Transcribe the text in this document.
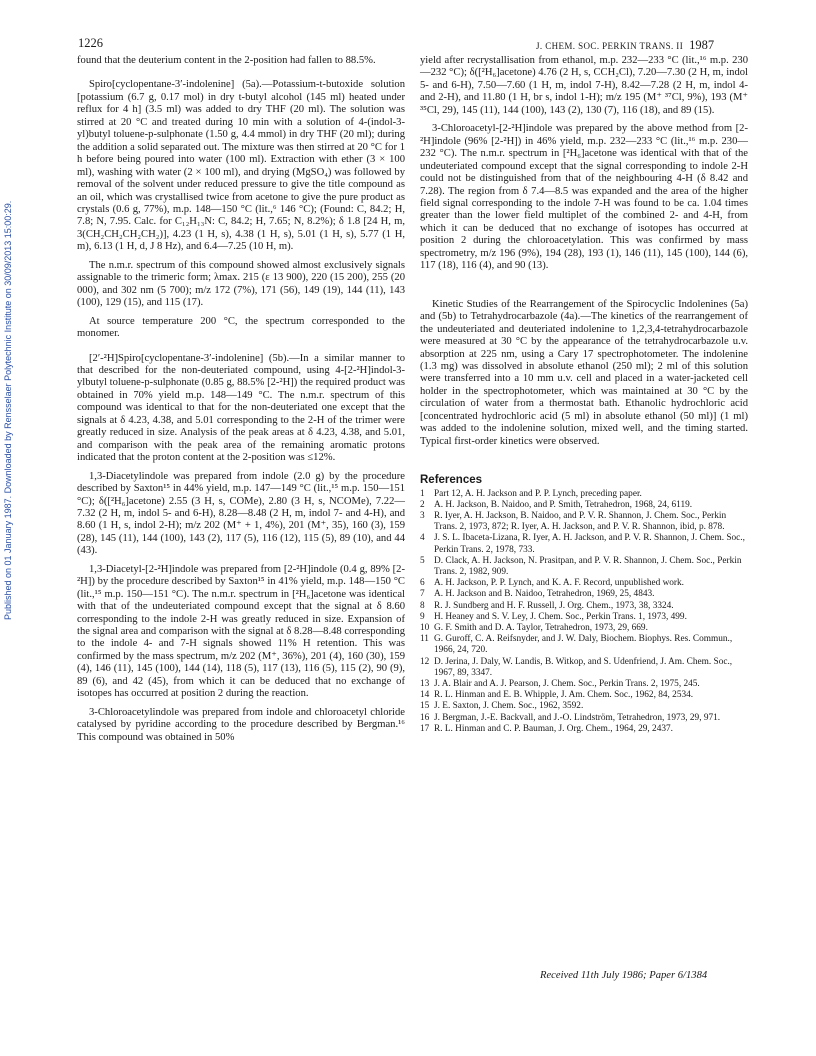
1226	J. CHEM. SOC. PERKIN TRANS. II 1987
Published on 01 January 1987. Downloaded by Rensselaer Polytechnic Institute on 30/09/2013 15:00:29.

found that the deuterium content in the 2-position had fallen to 88.5%.

Spiro[cyclopentane-3′-indolenine] (5a).—Potassium-t-butoxide solution [potassium (6.7 g, 0.17 mol) in dry t-butyl alcohol (145 ml) heated under reflux for 4 h] (3.5 ml) was added to dry THF (20 ml). The solution was stirred at 20 °C and treated during 10 min with a solution of 4-(indol-3-yl)butyl toluene-p-sulphonate (1.50 g, 4.4 mmol) in dry THF (20 ml); during the addition a solid separated out. The mixture was then stirred at 20 °C for 1 h before being poured into water (100 ml). Extraction with ether (3 × 100 ml), washing with water (2 × 100 ml), and drying (MgSO₄) was followed by removal of the solvent under reduced pressure to give the title compound as an oil, which was crystallised twice from acetone to give the pure product as crystals (0.6 g, 77%), m.p. 148—150 °C (lit.,⁶ 146 °C); (Found: C, 84.2; H, 7.8; N, 7.95. Calc. for C₁₂H₁₃N: C, 84.2; H, 7.65; N, 8.2%); δ 1.8 [24 H, m, 3(CH₂CH₂CH₂CH₂)], 4.23 (1 H, s), 4.38 (1 H, s), 5.01 (1 H, s), 5.77 (1 H, m), 6.13 (1 H, d, J 8 Hz), and 6.4—7.25 (10 H, m).

The n.m.r. spectrum of this compound showed almost exclusively signals assignable to the trimeric form; λmax. 215 (ε 13 900), 220 (15 200), 255 (20 000), and 302 nm (5 700); m/z 172 (7%), 171 (56), 149 (19), 144 (11), 143 (100), 129 (15), and 115 (17).

At source temperature 200 °C, the spectrum corresponded to the monomer.

[2′-²H]Spiro[cyclopentane-3′-indolenine] (5b).—In a similar manner to that described for the non-deuteriated compound, using 4-[2-²H]indol-3-ylbutyl toluene-p-sulphonate (0.85 g, 88.5% [2-²H]) the required product was obtained in 70% yield m.p. 148—149 °C. The n.m.r. spectrum of this compound was identical to that for the non-deuteriated one except that the signals at δ 4.23, 4.38, and 5.01 corresponding to the 2-H of the trimer were greatly reduced in size. Analysis of the peak areas at δ 4.23, 4.38, and 5.01, and comparison with the peak area of the remaining aromatic protons indicated that the proton content at the 2-position was ≤12%.

1,3-Diacetylindole was prepared from indole (2.0 g) by the procedure described by Saxton¹⁵ in 44% yield, m.p. 147—149 °C (lit.,¹⁵ m.p. 150—151 °C); δ([²H₆]acetone) 2.55 (3 H, s, COMe), 2.80 (3 H, s, NCOMe), 7.22—7.32 (2 H, m, indol 5- and 6-H), 8.28—8.48 (2 H, m, indol 7- and 4-H), and 8.60 (1 H, s, indol 2-H); m/z 202 (M⁺ + 1, 4%), 201 (M⁺, 35), 160 (3), 159 (28), 145 (11), 144 (100), 143 (2), 117 (5), 116 (12), 115 (5), 89 (10), and 44 (43).

1,3-Diacetyl-[2-²H]indole was prepared from [2-²H]indole (0.4 g, 89% [2-²H]) by the procedure described by Saxton¹⁵ in 41% yield, m.p. 148—150 °C (lit.,¹⁵ m.p. 150—151 °C). The n.m.r. spectrum in [²H₆]acetone was identical with that of the undeuteriated compound except that the signal at δ 8.60 corresponding to the indole 2-H was greatly reduced in size. Expansion of the signal area and comparison with the signal at δ 8.28—8.48 corresponding to the indole 4- and 7-H signals showed 11% H retention. This was confirmed by the mass spectrum, m/z 202 (M⁺, 36%), 201 (4), 160 (30), 159 (4), 146 (11), 145 (100), 144 (14), 118 (5), 117 (13), 116 (5), 115 (2), 90 (9), 89 (6), and 42 (45), from which it can be deduced that no exchange of isotopes has occurred at position 2 during the reaction.

3-Chloroacetylindole was prepared from indole and chloroacetyl chloride catalysed by pyridine according to the procedure described by Bergman.¹⁶ This compound was obtained in 50%

yield after recrystallisation from ethanol, m.p. 232—233 °C (lit.,¹⁶ m.p. 230—232 °C); δ([²H₆]acetone) 4.76 (2 H, s, CCH₂Cl), 7.20—7.30 (2 H, m, indol 5- and 6-H), 7.50—7.60 (1 H, m, indol 7-H), 8.42—7.28 (2 H, m, indol 4- and 2-H), and 11.80 (1 H, br s, indol 1-H); m/z 195 (M⁺ ³⁷Cl, 9%), 193 (M⁺ ³⁵Cl, 29), 145 (11), 144 (100), 143 (2), 130 (7), 116 (18), and 89 (15).

3-Chloroacetyl-[2-²H]indole was prepared by the above method from [2-²H]indole (96% [2-²H]) in 46% yield, m.p. 232—233 °C (lit.,¹⁶ m.p. 230—232 °C). The n.m.r. spectrum in [²H₆]acetone was identical with that of the undeuteriated compound except that the signal corresponding to indole 2-H could not be distinguished from that of the neighbouring 4-H (δ 8.42 and 7.28). The region from δ 7.4—8.5 was expanded and the area of the higher field signal corresponding to the indole 7-H was found to be ca. 1.04 times greater than the lower field multiplet of the combined 2- and 4-H, from which it can be deduced that no exchange of isotopes has occurred at position 2 during the chloroacetylation. This was confirmed by mass spectrometry, m/z 196 (9%), 194 (28), 193 (1), 146 (11), 145 (100), 144 (6), 117 (18), 116 (4), and 90 (13).

Kinetic Studies of the Rearrangement of the Spirocyclic Indolenines (5a) and (5b) to Tetrahydrocarbazole (4a).—The kinetics of the rearrangement of the undeuteriated and deuteriated indolenine to 1,2,3,4-tetrahydrocarbazole were measured at 30 °C by the appearance of the tetrahydrocarbazole u.v. absorption at 225 nm, using a Cary 17 spectrophotometer. The indolenine (1.3 mg) was dissolved in absolute ethanol (250 ml); 2 ml of this solution were transferred into a 10 mm u.v. cell and placed in a water-jacketed cell holder in the spectrophotometer, which was maintained at 30 °C by the circulation of water from a thermostat bath. Ethanolic hydrochloric acid [concentrated hydrochloric acid (5 ml) in absolute ethanol (50 ml)] (1 ml) was added to the indolenine solution, mixed well, and the timing started. Typical first-order kinetics were observed.

References
1	Part 12, A. H. Jackson and P. P. Lynch, preceding paper.
2	A. H. Jackson, B. Naidoo, and P. Smith, Tetrahedron, 1968, 24, 6119.
3	R. Iyer, A. H. Jackson, B. Naidoo, and P. V. R. Shannon, J. Chem. Soc., Perkin Trans. 2, 1973, 872; R. Iyer, A. H. Jackson, and P. V. R. Shannon, ibid, p. 878.
4	J. S. L. Ibaceta-Lizana, R. Iyer, A. H. Jackson, and P. V. R. Shannon, J. Chem. Soc., Perkin Trans. 2, 1978, 733.
5	D. Clack, A. H. Jackson, N. Prasitpan, and P. V. R. Shannon, J. Chem. Soc., Perkin Trans. 2, 1982, 909.
6	A. H. Jackson, P. P. Lynch, and K. A. F. Record, unpublished work.
7	A. H. Jackson and B. Naidoo, Tetrahedron, 1969, 25, 4843.
8	R. J. Sundberg and H. F. Russell, J. Org. Chem., 1973, 38, 3324.
9	H. Heaney and S. V. Ley, J. Chem. Soc., Perkin Trans. 1, 1973, 499.
10 G. F. Smith and D. A. Taylor, Tetrahedron, 1973, 29, 669.
11 G. Guroff, C. A. Reifsnyder, and J. W. Daly, Biochem. Biophys. Res. Commun., 1966, 24, 720.
12 D. Jerina, J. Daly, W. Landis, B. Witkop, and S. Udenfriend, J. Am. Chem. Soc., 1967, 89, 3347.
13 J. A. Blair and A. J. Pearson, J. Chem. Soc., Perkin Trans. 2, 1975, 245.
14 R. L. Hinman and E. B. Whipple, J. Am. Chem. Soc., 1962, 84, 2534.
15 J. E. Saxton, J. Chem. Soc., 1962, 3592.
16 J. Bergman, J.-E. Backvall, and J.-O. Lindström, Tetrahedron, 1973, 29, 971.
17 R. L. Hinman and C. P. Bauman, J. Org. Chem., 1964, 29, 2437.
Received 11th July 1986; Paper 6/1384
